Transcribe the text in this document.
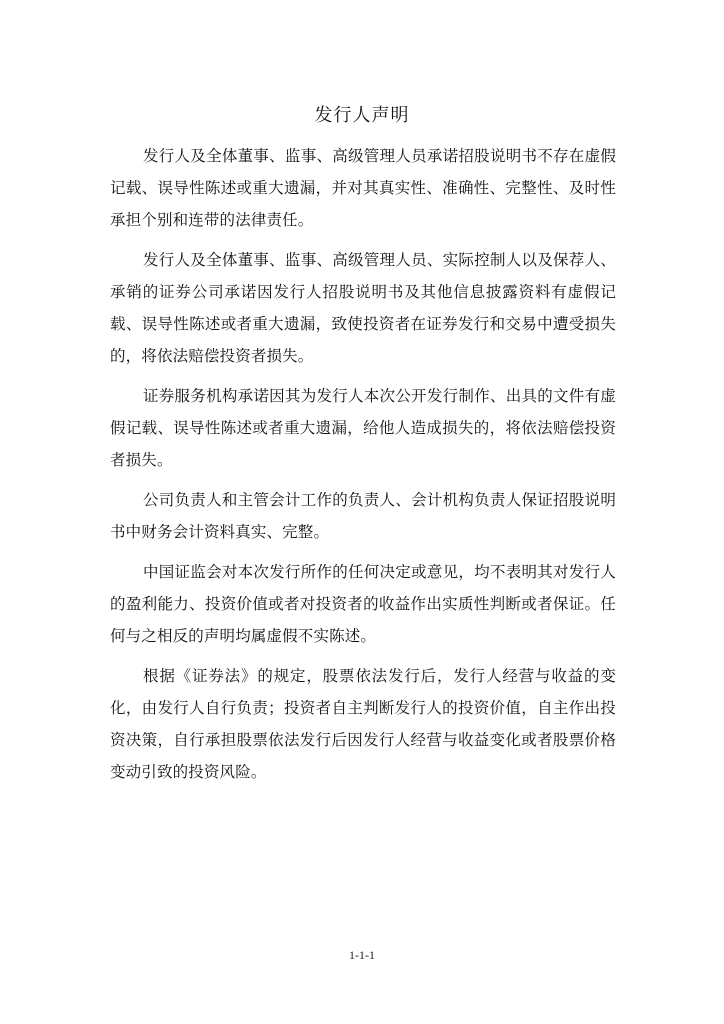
发行人声明

发行人及全体董事、监事、高级管理人员承诺招股说明书不存在虚假记载、误导性陈述或重大遗漏，并对其真实性、准确性、完整性、及时性承担个别和连带的法律责任。

发行人及全体董事、监事、高级管理人员、实际控制人以及保荐人、承销的证券公司承诺因发行人招股说明书及其他信息披露资料有虚假记载、误导性陈述或者重大遗漏，致使投资者在证券发行和交易中遭受损失的，将依法赔偿投资者损失。

证券服务机构承诺因其为发行人本次公开发行制作、出具的文件有虚假记载、误导性陈述或者重大遗漏，给他人造成损失的，将依法赔偿投资者损失。

公司负责人和主管会计工作的负责人、会计机构负责人保证招股说明书中财务会计资料真实、完整。

中国证监会对本次发行所作的任何决定或意见，均不表明其对发行人的盈利能力、投资价值或者对投资者的收益作出实质性判断或者保证。任何与之相反的声明均属虚假不实陈述。

根据《证券法》的规定，股票依法发行后，发行人经营与收益的变化，由发行人自行负责；投资者自主判断发行人的投资价值，自主作出投资决策，自行承担股票依法发行后因发行人经营与收益变化或者股票价格变动引致的投资风险。

1-1-1
